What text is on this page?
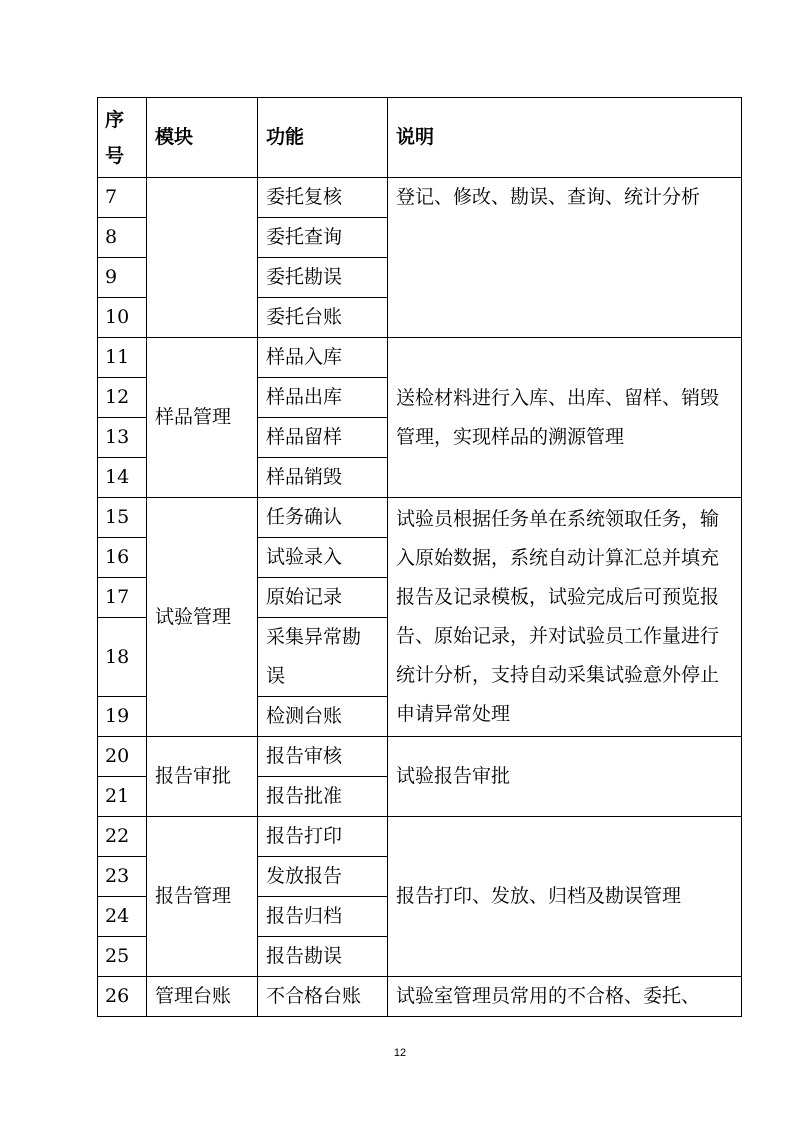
序号	模块	功能	说明
7		委托复核	登记、修改、勘误、查询、统计分析
8		委托查询	
9		委托勘误	
10		委托台账	
11	样品管理	样品入库	送检材料进行入库、出库、留样、销毁管理，实现样品的溯源管理
12		样品出库	
13		样品留样	
14		样品销毁	
15	试验管理	任务确认	试验员根据任务单在系统领取任务，输入原始数据，系统自动计算汇总并填充报告及记录模板，试验完成后可预览报告、原始记录，并对试验员工作量进行统计分析，支持自动采集试验意外停止申请异常处理
16		试验录入	
17		原始记录	
18		采集异常勘误	
19		检测台账	
20	报告审批	报告审核	试验报告审批
21		报告批准	
22	报告管理	报告打印	报告打印、发放、归档及勘误管理
23		发放报告	
24		报告归档	
25		报告勘误	
26	管理台账	不合格台账	试验室管理员常用的不合格、委托、
12
